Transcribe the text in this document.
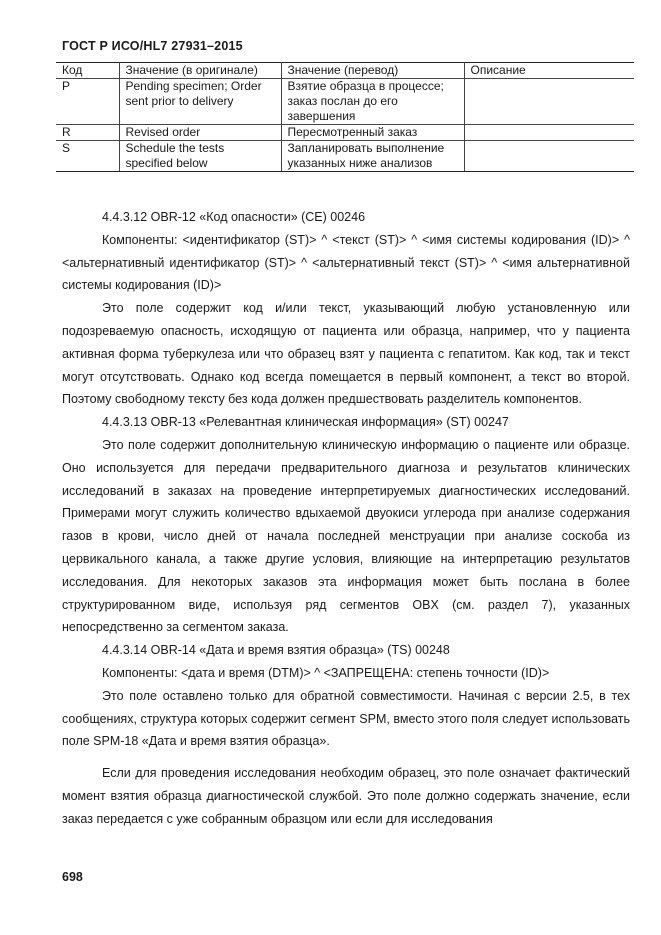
ГОСТ Р ИСО/HL7 27931–2015
Код	Значение (в оригинале)	Значение (перевод)	Описание
P	Pending specimen; Order sent prior to delivery	Взятие образца в процессе; заказ послан до его завершения	
R	Revised order	Пересмотренный заказ	
S	Schedule the tests specified below	Запланировать выполнение указанных ниже анализов	

4.4.3.12 OBR-12 «Код опасности» (CE) 00246

Компоненты: <идентификатор (ST)> ^ <текст (ST)> ^ <имя системы кодирования (ID)> ^ <альтернативный идентификатор (ST)> ^ <альтернативный текст (ST)> ^ <имя альтернативной системы кодирования (ID)>

Это поле содержит код и/или текст, указывающий любую установленную или подозреваемую опасность, исходящую от пациента или образца, например, что у пациента активная форма туберкулеза или что образец взят у пациента с гепатитом. Как код, так и текст могут отсутствовать. Однако код всегда помещается в первый компонент, а текст во второй. Поэтому свободному тексту без кода должен предшествовать разделитель компонентов.

4.4.3.13 OBR-13 «Релевантная клиническая информация» (ST) 00247

Это поле содержит дополнительную клиническую информацию о пациенте или образце. Оно используется для передачи предварительного диагноза и результатов клинических исследований в заказах на проведение интерпретируемых диагностических исследований. Примерами могут служить количество вдыхаемой двуокиси углерода при анализе содержания газов в крови, число дней от начала последней менструации при анализе соскоба из цервикального канала, а также другие условия, влияющие на интерпретацию результатов исследования. Для некоторых заказов эта информация может быть послана в более структурированном виде, используя ряд сегментов OBX (см. раздел 7), указанных непосредственно за сегментом заказа.

4.4.3.14 OBR-14 «Дата и время взятия образца» (TS) 00248

Компоненты: <дата и время (DTM)> ^ <ЗАПРЕЩЕНА: степень точности (ID)>

Это поле оставлено только для обратной совместимости. Начиная с версии 2.5, в тех сообщениях, структура которых содержит сегмент SPM, вместо этого поля следует использовать поле SPM-18 «Дата и время взятия образца».

Если для проведения исследования необходим образец, это поле означает фактический момент взятия образца диагностической службой. Это поле должно содержать значение, если заказ передается с уже собранным образцом или если для исследования

698
